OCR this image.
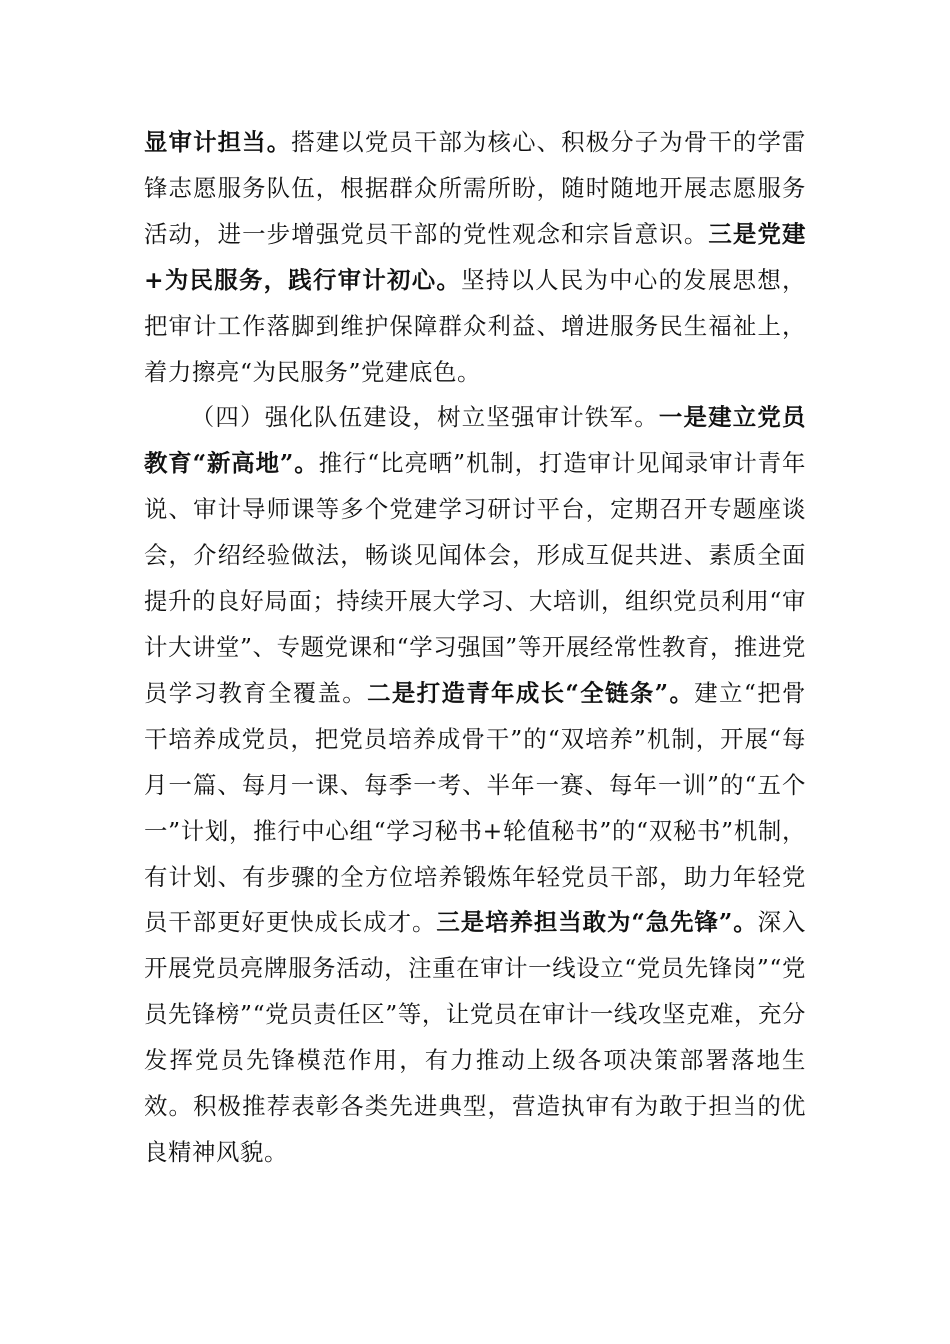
显审计担当。搭建以党员干部为核心、积极分子为骨干的学雷锋志愿服务队伍，根据群众所需所盼，随时随地开展志愿服务活动，进一步增强党员干部的党性观念和宗旨意识。三是党建+为民服务，践行审计初心。坚持以人民为中心的发展思想，把审计工作落脚到维护保障群众利益、增进服务民生福祉上，着力擦亮“为民服务”党建底色。

（四）强化队伍建设，树立坚强审计铁军。一是建立党员教育“新高地”。推行“比亮晒”机制，打造审计见闻录审计青年说、审计导师课等多个党建学习研讨平台，定期召开专题座谈会，介绍经验做法，畅谈见闻体会，形成互促共进、素质全面提升的良好局面；持续开展大学习、大培训，组织党员利用“审计大讲堂”、专题党课和“学习强国”等开展经常性教育，推进党员学习教育全覆盖。二是打造青年成长“全链条”。建立“把骨干培养成党员，把党员培养成骨干”的“双培养”机制，开展“每月一篇、每月一课、每季一考、半年一赛、每年一训”的“五个一”计划，推行中心组“学习秘书+轮值秘书”的“双秘书”机制，有计划、有步骤的全方位培养锻炼年轻党员干部，助力年轻党员干部更好更快成长成才。三是培养担当敢为“急先锋”。深入开展党员亮牌服务活动，注重在审计一线设立“党员先锋岗”“党员先锋榜”“党员责任区”等，让党员在审计一线攻坚克难，充分发挥党员先锋模范作用，有力推动上级各项决策部署落地生效。积极推荐表彰各类先进典型，营造执审有为敢于担当的优良精神风貌。
